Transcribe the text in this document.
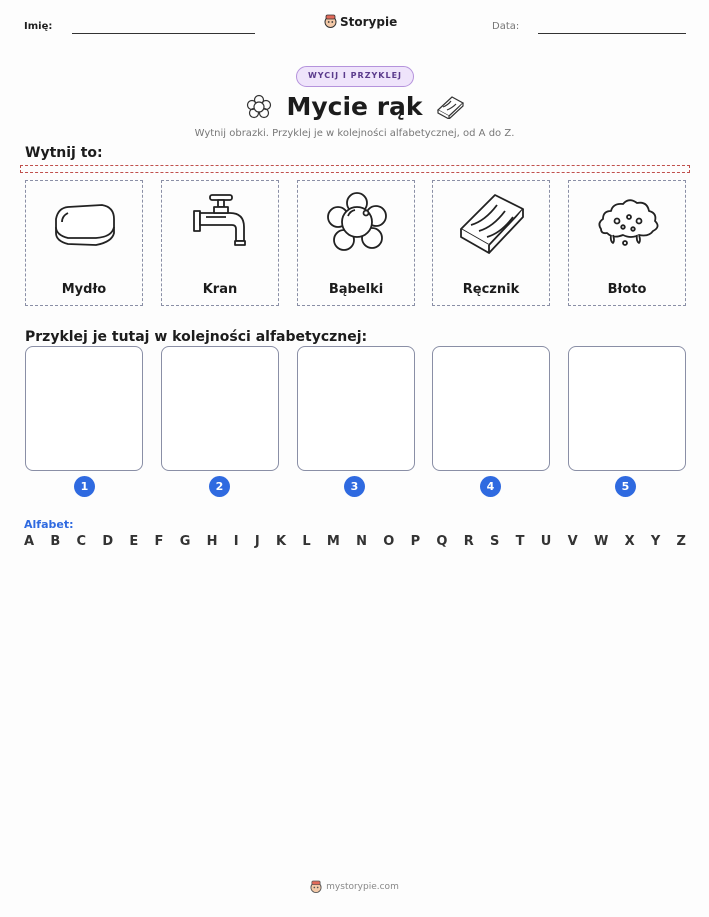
Imię:	Storypie	Data:
WYCIJ I PRZYKLEJ
Mycie rąk
Wytnij obrazki. Przyklej je w kolejności alfabetycznej, od A do Z.
Wytnij to:
Mydło	Kran	Bąbelki	Ręcznik	Błoto
Przyklej je tutaj w kolejności alfabetycznej:
1	2	3	4	5
Alfabet:
A B C D E F G H I J K L M N O P Q R S T U V W X Y Z
mystorypie.com
